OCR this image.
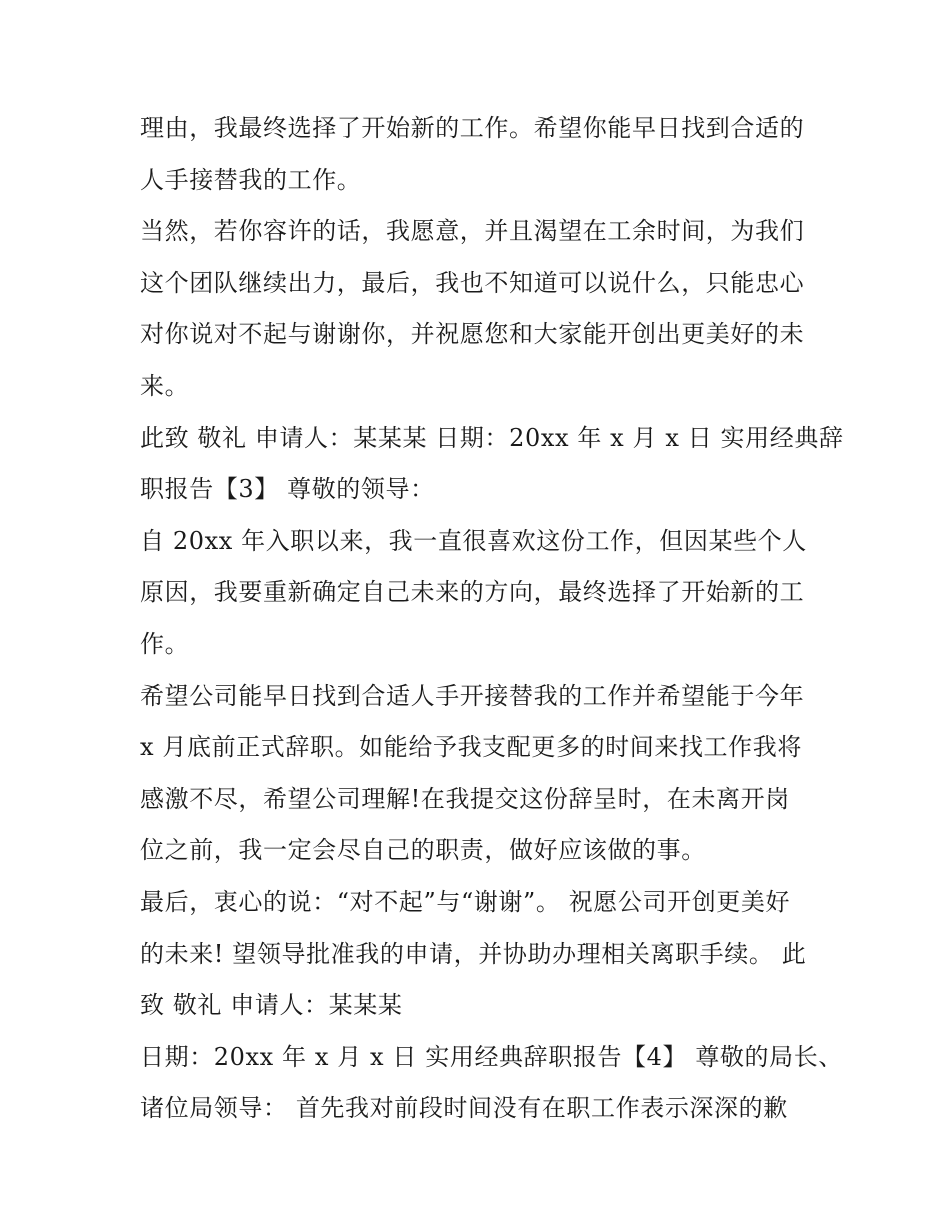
理由，我最终选择了开始新的工作。希望你能早日找到合适的
人手接替我的工作。
当然，若你容许的话，我愿意，并且渴望在工余时间，为我们
这个团队继续出力，最后，我也不知道可以说什么，只能忠心
对你说对不起与谢谢你，并祝愿您和大家能开创出更美好的未
来。
此致 敬礼 申请人：某某某 日期：20xx 年 x 月 x 日 实用经典辞
职报告【3】 尊敬的领导：
自 20xx 年入职以来，我一直很喜欢这份工作，但因某些个人
原因，我要重新确定自己未来的方向，最终选择了开始新的工
作。
希望公司能早日找到合适人手开接替我的工作并希望能于今年
x 月底前正式辞职。如能给予我支配更多的时间来找工作我将
感激不尽，希望公司理解!在我提交这份辞呈时，在未离开岗
位之前，我一定会尽自己的职责，做好应该做的事。
最后，衷心的说：“对不起”与“谢谢”。 祝愿公司开创更美好
的未来! 望领导批准我的申请，并协助办理相关离职手续。 此
致 敬礼 申请人：某某某
日期：20xx 年 x 月 x 日 实用经典辞职报告【4】 尊敬的局长、
诸位局领导： 首先我对前段时间没有在职工作表示深深的歉
